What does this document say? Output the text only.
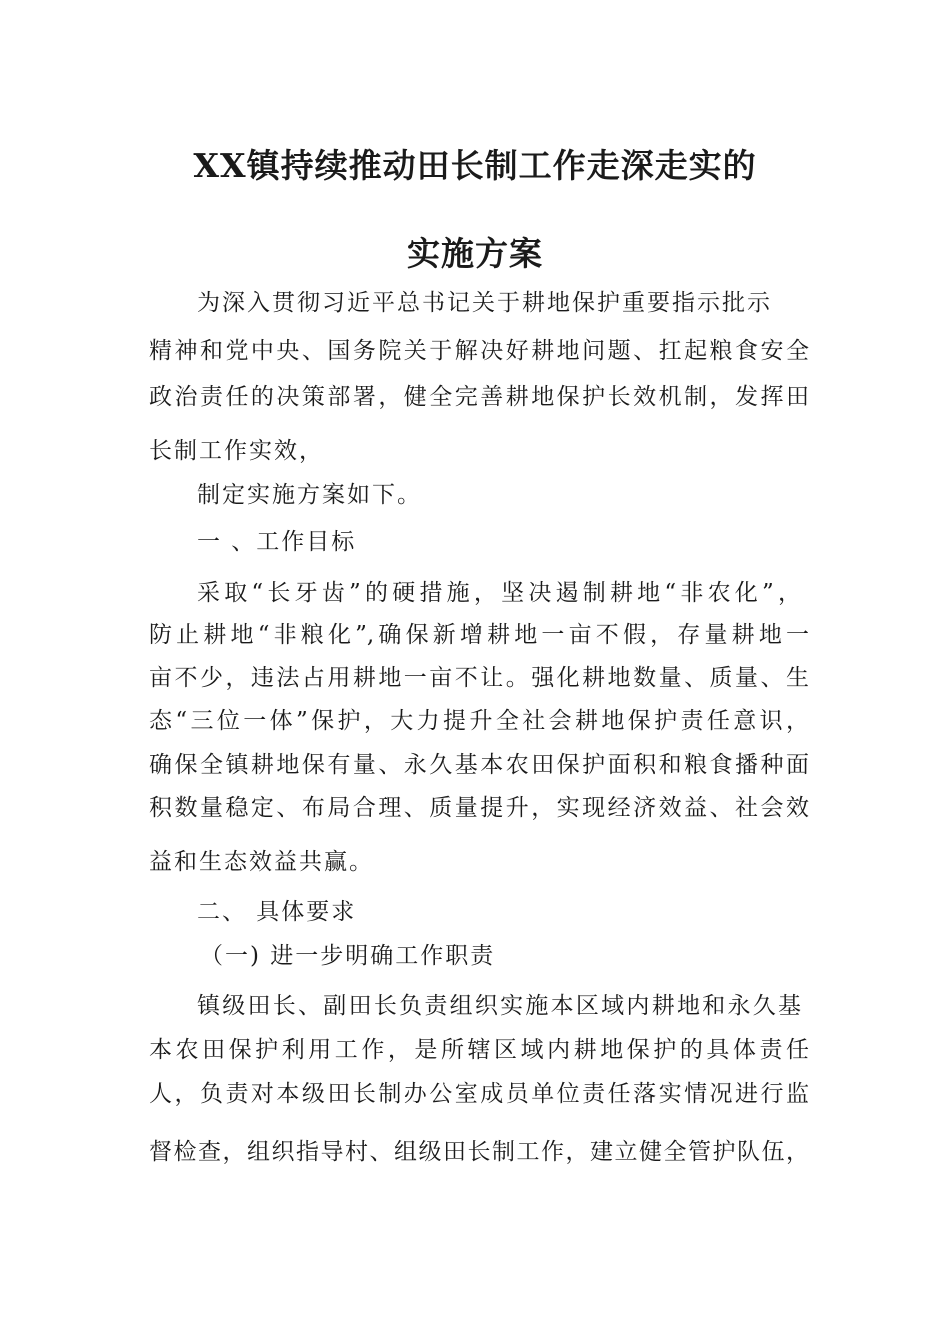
XX镇持续推动田长制工作走深走实的
实施方案
为深入贯彻习近平总书记关于耕地保护重要指示批示
精神和党中央、国务院关于解决好耕地问题、扛起粮食安全
政治责任的决策部署，健全完善耕地保护长效机制，发挥田
长制工作实效，
制定实施方案如下。
一 、工作目标
采取“长牙齿”的硬措施，坚决遏制耕地“非农化”，
防止耕地“非粮化”,确保新增耕地一亩不假，存量耕地一
亩不少，违法占用耕地一亩不让。强化耕地数量、质量、生
态“三位一体”保护，大力提升全社会耕地保护责任意识，
确保全镇耕地保有量、永久基本农田保护面积和粮食播种面
积数量稳定、布局合理、质量提升，实现经济效益、社会效
益和生态效益共赢。
二、 具体要求
（一) 进一步明确工作职责
镇级田长、副田长负责组织实施本区域内耕地和永久基
本农田保护利用工作，是所辖区域内耕地保护的具体责任
人，负责对本级田长制办公室成员单位责任落实情况进行监
督检查，组织指导村、组级田长制工作，建立健全管护队伍，
